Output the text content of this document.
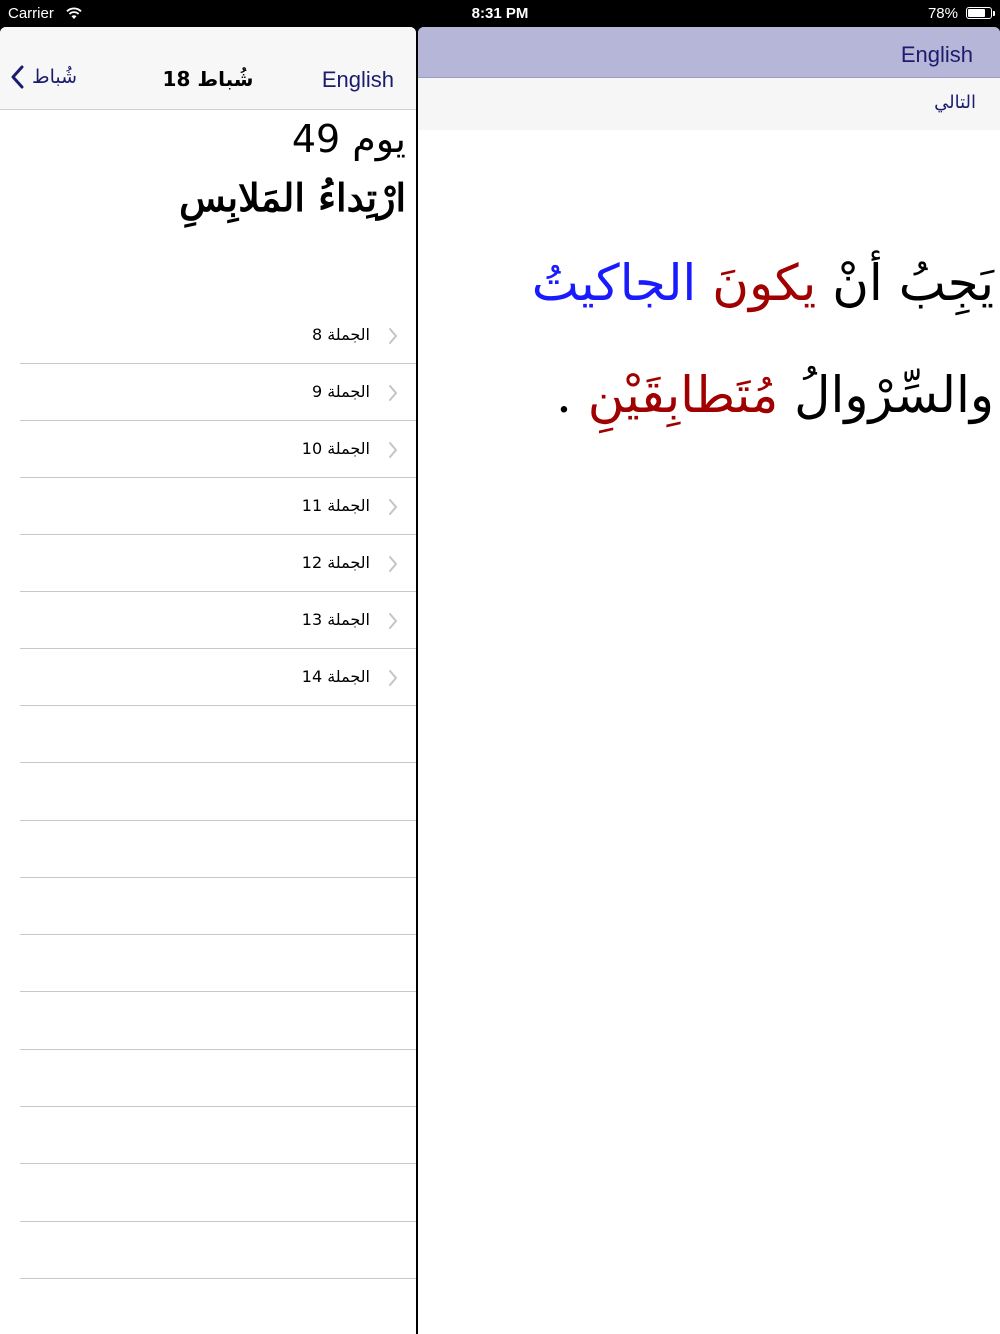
Carrier	8:31 PM	78%
شُباط	18 شُباط	English
يوم 49
ارْتِداءُ المَلابِسِ
الجملة 8
الجملة 9
الجملة 10
الجملة 11
الجملة 12
الجملة 13
الجملة 14
English
التالي
يَجِبُ أنْ يكونَ الجاكيتُ والسِّرْوالُ مُتَطابِقَيْنِ .
